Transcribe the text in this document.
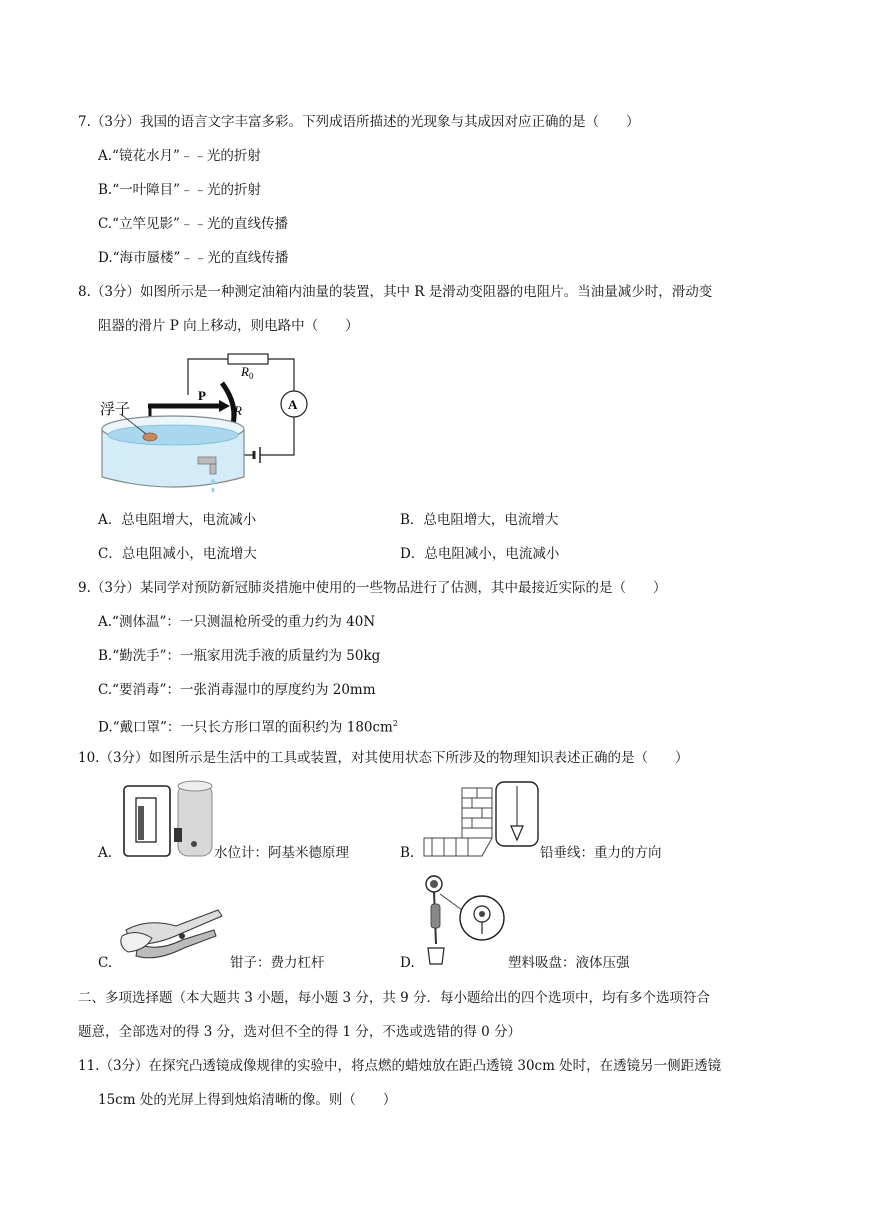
7.（3分）我国的语言文字丰富多彩。下列成语所描述的光现象与其成因对应正确的是（　　）
A.“镜花水月”﹣﹣光的折射
B.“一叶障目”﹣﹣光的折射
C.“立竿见影”﹣﹣光的直线传播
D.“海市蜃楼”﹣﹣光的直线传播
8.（3分）如图所示是一种测定油箱内油量的装置，其中 R 是滑动变阻器的电阻片。当油量减少时，滑动变
阻器的滑片 P 向上移动，则电路中（　　）
浮子
P
R
$R_0$
A
A．总电阻增大，电流减小	B．总电阻增大，电流增大
C．总电阻减小，电流增大	D．总电阻减小，电流减小
9.（3分）某同学对预防新冠肺炎措施中使用的一些物品进行了估测，其中最接近实际的是（　　）
A.“测体温”：一只测温枪所受的重力约为 40N
B.“勤洗手”：一瓶家用洗手液的质量约为 50kg
C.“要消毒”：一张消毒湿巾的厚度约为 20mm
D.“戴口罩”：一只长方形口罩的面积约为 $180cm^2$
10.（3分）如图所示是生活中的工具或装置，对其使用状态下所涉及的物理知识表述正确的是（　　）
A.	水位计：阿基米德原理	B.	铅垂线：重力的方向
C.	钳子：费力杠杆	D.	塑料吸盘：液体压强
二、多项选择题（本大题共 3 小题，每小题 3 分，共 9 分．每小题给出的四个选项中，均有多个选项符合
题意，全部选对的得 3 分，选对但不全的得 1 分，不选或选错的得 0 分）
11.（3分）在探究凸透镜成像规律的实验中，将点燃的蜡烛放在距凸透镜 30cm 处时，在透镜另一侧距透镜
15cm 处的光屏上得到烛焰清晰的像。则（　　）
